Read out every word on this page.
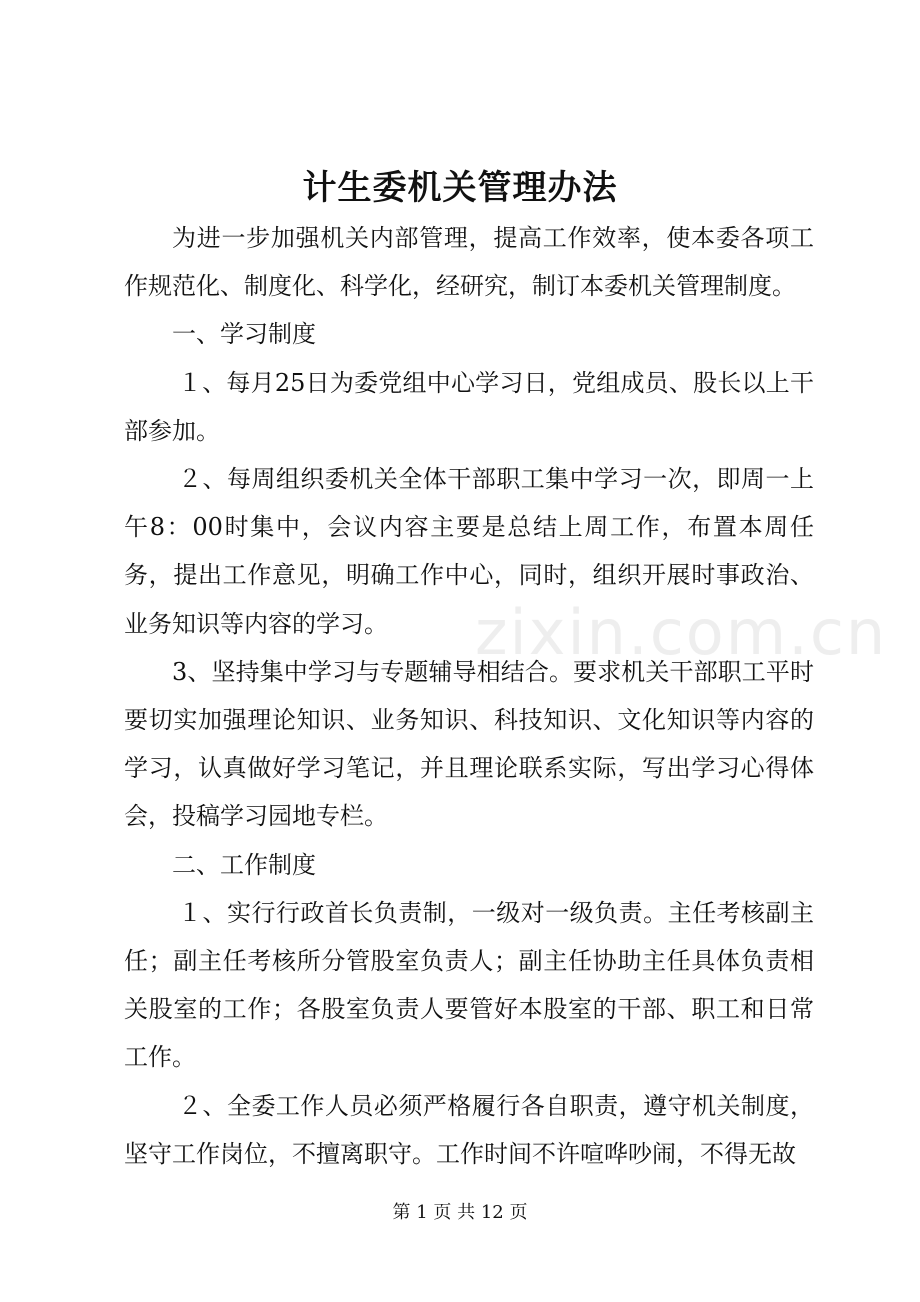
计生委机关管理办法

为进一步加强机关内部管理，提高工作效率，使本委各项工作规范化、制度化、科学化，经研究，制订本委机关管理制度。

一、学习制度

１、每月25日为委党组中心学习日，党组成员、股长以上干部参加。

２、每周组织委机关全体干部职工集中学习一次，即周一上午8：00时集中，会议内容主要是总结上周工作，布置本周任务，提出工作意见，明确工作中心，同时，组织开展时事政治、业务知识等内容的学习。

3、坚持集中学习与专题辅导相结合。要求机关干部职工平时要切实加强理论知识、业务知识、科技知识、文化知识等内容的学习，认真做好学习笔记，并且理论联系实际，写出学习心得体会，投稿学习园地专栏。

二、工作制度

１、实行行政首长负责制，一级对一级负责。主任考核副主任；副主任考核所分管股室负责人；副主任协助主任具体负责相关股室的工作；各股室负责人要管好本股室的干部、职工和日常工作。

２、全委工作人员必须严格履行各自职责，遵守机关制度，坚守工作岗位，不擅离职守。工作时间不许喧哗吵闹，不得无故

zixin.com.cn
第 1 页 共 12 页
